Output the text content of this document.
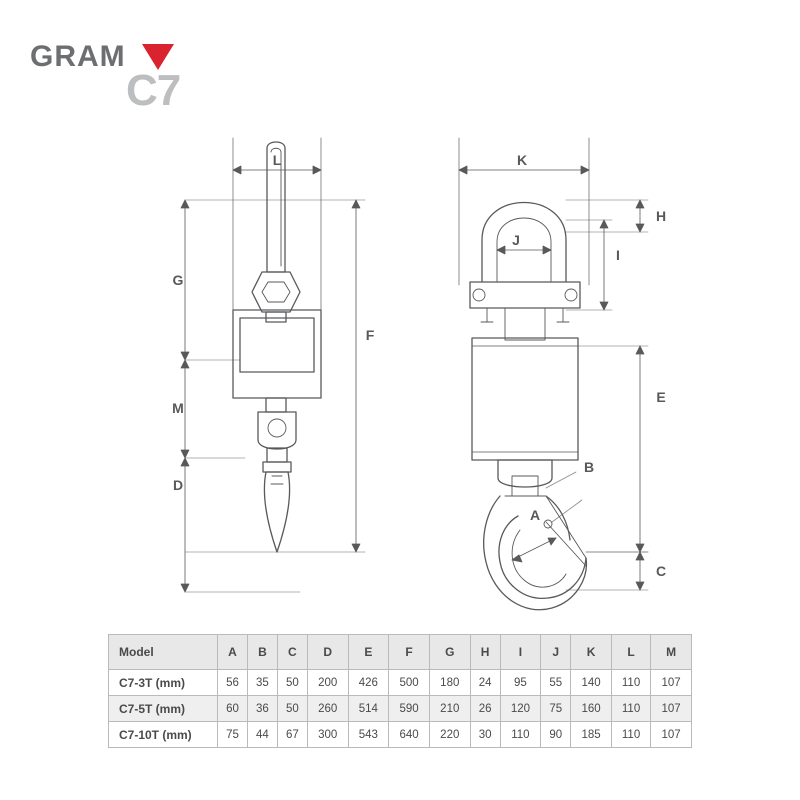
GRAM
C7
L
G
M
D
F
K
H
I
J
E
C
B
A
Model	A	B	C	D	E	F	G	H	I	J	K	L	M
C7-3T (mm)	56	35	50	200	426	500	180	24	95	55	140	110	107
C7-5T (mm)	60	36	50	260	514	590	210	26	120	75	160	110	107
C7-10T (mm)	75	44	67	300	543	640	220	30	110	90	185	110	107
